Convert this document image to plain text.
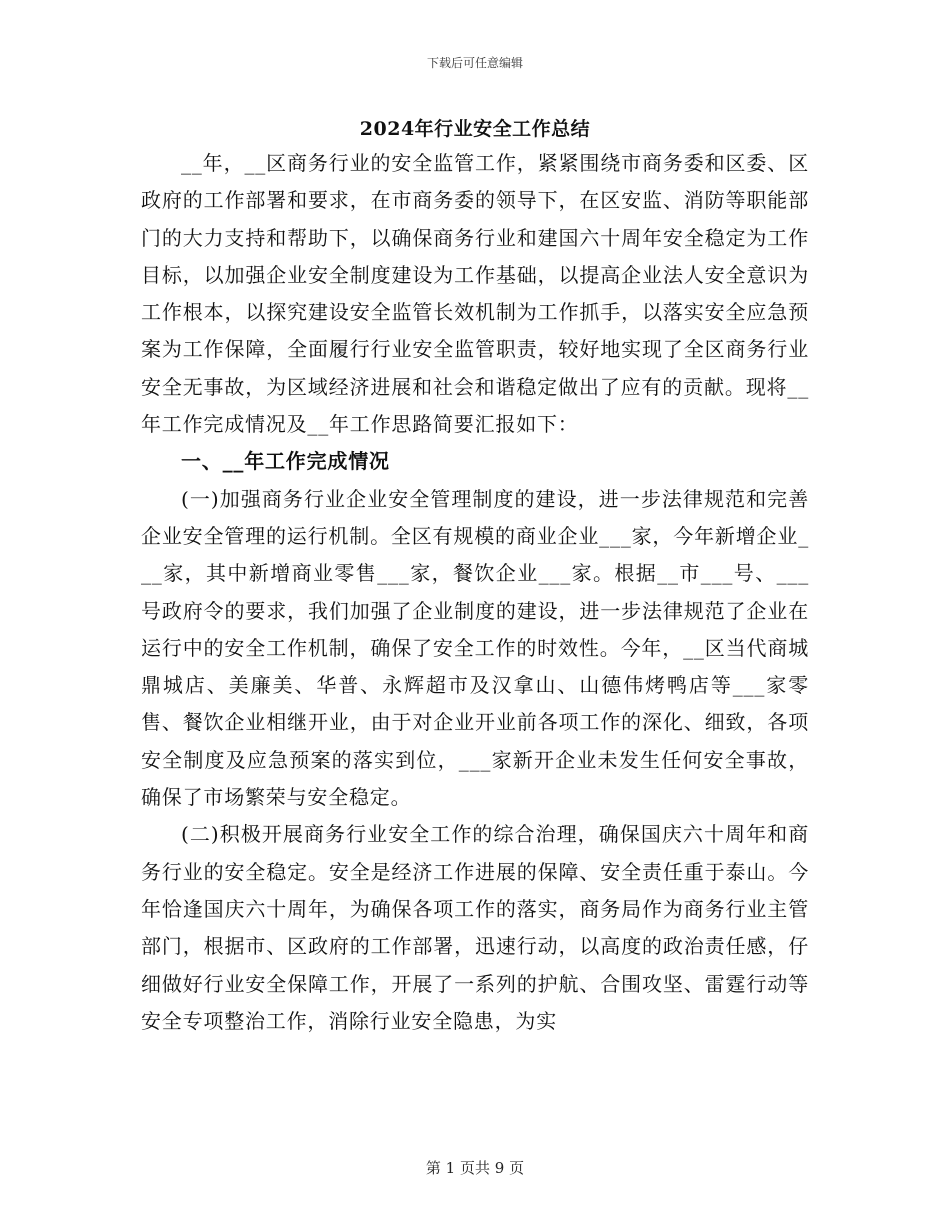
下载后可任意编辑
2024年行业安全工作总结

__年，__区商务行业的安全监管工作，紧紧围绕市商务委和区委、区政府的工作部署和要求，在市商务委的领导下，在区安监、消防等职能部门的大力支持和帮助下，以确保商务行业和建国六十周年安全稳定为工作目标，以加强企业安全制度建设为工作基础，以提高企业法人安全意识为工作根本，以探究建设安全监管长效机制为工作抓手，以落实安全应急预案为工作保障，全面履行行业安全监管职责，较好地实现了全区商务行业安全无事故，为区域经济进展和社会和谐稳定做出了应有的贡献。现将__年工作完成情况及__年工作思路简要汇报如下：

一、__年工作完成情况

(一)加强商务行业企业安全管理制度的建设，进一步法律规范和完善企业安全管理的运行机制。全区有规模的商业企业___家，今年新增企业___家，其中新增商业零售___家，餐饮企业___家。根据__市___号、___号政府令的要求，我们加强了企业制度的建设，进一步法律规范了企业在运行中的安全工作机制，确保了安全工作的时效性。今年，__区当代商城鼎城店、美廉美、华普、永辉超市及汉拿山、山德伟烤鸭店等___家零售、餐饮企业相继开业，由于对企业开业前各项工作的深化、细致，各项安全制度及应急预案的落实到位，___家新开企业未发生任何安全事故，确保了市场繁荣与安全稳定。

(二)积极开展商务行业安全工作的综合治理，确保国庆六十周年和商务行业的安全稳定。安全是经济工作进展的保障、安全责任重于泰山。今年恰逢国庆六十周年，为确保各项工作的落实，商务局作为商务行业主管部门，根据市、区政府的工作部署，迅速行动，以高度的政治责任感，仔细做好行业安全保障工作，开展了一系列的护航、合围攻坚、雷霆行动等安全专项整治工作，消除行业安全隐患，为实

第 1 页共 9 页
